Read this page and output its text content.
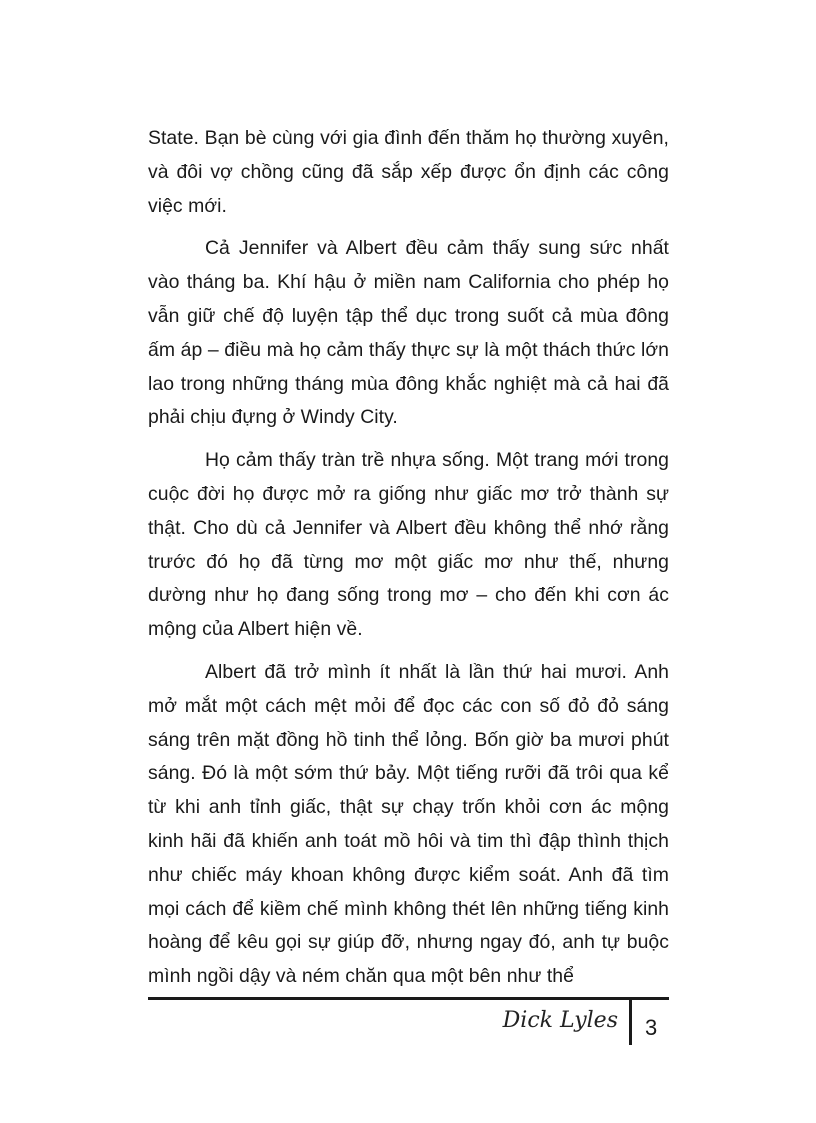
State. Bạn bè cùng với gia đình đến thăm họ thường xuyên, và đôi vợ chồng cũng đã sắp xếp được ổn định các công việc mới.

Cả Jennifer và Albert đều cảm thấy sung sức nhất vào tháng ba. Khí hậu ở miền nam California cho phép họ vẫn giữ chế độ luyện tập thể dục trong suốt cả mùa đông ấm áp – điều mà họ cảm thấy thực sự là một thách thức lớn lao trong những tháng mùa đông khắc nghiệt mà cả hai đã phải chịu đựng ở Windy City.

Họ cảm thấy tràn trề nhựa sống. Một trang mới trong cuộc đời họ được mở ra giống như giấc mơ trở thành sự thật. Cho dù cả Jennifer và Albert đều không thể nhớ rằng trước đó họ đã từng mơ một giấc mơ như thế, nhưng dường như họ đang sống trong mơ – cho đến khi cơn ác mộng của Albert hiện về.

Albert đã trở mình ít nhất là lần thứ hai mươi. Anh mở mắt một cách mệt mỏi để đọc các con số đỏ đỏ sáng sáng trên mặt đồng hồ tinh thể lỏng. Bốn giờ ba mươi phút sáng. Đó là một sớm thứ bảy. Một tiếng rưỡi đã trôi qua kể từ khi anh tỉnh giấc, thật sự chạy trốn khỏi cơn ác mộng kinh hãi đã khiến anh toát mồ hôi và tim thì đập thình thịch như chiếc máy khoan không được kiểm soát. Anh đã tìm mọi cách để kiềm chế mình không thét lên những tiếng kinh hoàng để kêu gọi sự giúp đỡ, nhưng ngay đó, anh tự buộc mình ngồi dậy và ném chăn qua một bên như thể

Dick Lyles 3
